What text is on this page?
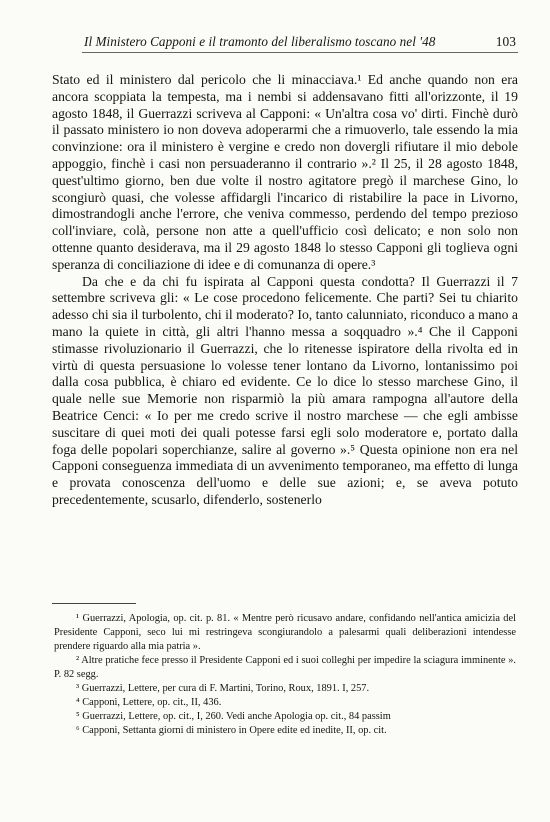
Il Ministero Capponi e il tramonto del liberalismo toscano nel '48	103

Stato ed il ministero dal pericolo che li minacciava.¹ Ed anche quando non era ancora scoppiata la tempesta, ma i nembi si addensavano fitti all'orizzonte, il 19 agosto 1848, il Guerrazzi scriveva al Capponi: « Un'altra cosa vo' dirti. Finchè durò il passato ministero io non doveva adoperarmi che a rimuoverlo, tale essendo la mia convinzione: ora il ministero è vergine e credo non dovergli rifiutare il mio debole appoggio, finchè i casi non persuaderanno il contrario ».² Il 25, il 28 agosto 1848, quest'ultimo giorno, ben due volte il nostro agitatore pregò il marchese Gino, lo scongiurò quasi, che volesse affidargli l'incarico di ristabilire la pace in Livorno, dimostrandogli anche l'errore, che veniva commesso, perdendo del tempo prezioso coll'inviare, colà, persone non atte a quell'ufficio così delicato; e non solo non ottenne quanto desiderava, ma il 29 agosto 1848 lo stesso Capponi gli toglieva ogni speranza di conciliazione di idee e di comunanza di opere.³

Da che e da chi fu ispirata al Capponi questa condotta? Il Guerrazzi il 7 settembre scriveva gli: « Le cose procedono felicemente. Che parti? Sei tu chiarito adesso chi sia il turbolento, chi il moderato? Io, tanto calunniato, riconduco a mano a mano la quiete in città, gli altri l'hanno messa a soqquadro ».⁴ Che il Capponi stimasse rivoluzionario il Guerrazzi, che lo ritenesse ispiratore della rivolta ed in virtù di questa persuasione lo volesse tener lontano da Livorno, lontanissimo poi dalla cosa pubblica, è chiaro ed evidente. Ce lo dice lo stesso marchese Gino, il quale nelle sue Memorie non risparmiò la più amara rampogna all'autore della Beatrice Cenci: « Io per me credo scrive il nostro marchese — che egli ambisse suscitare di quei moti dei quali potesse farsi egli solo moderatore e, portato dalla foga delle popolari soperchianze, salire al governo ».⁵ Questa opinione non era nel Capponi conseguenza immediata di un avvenimento temporaneo, ma effetto di lunga e provata conoscenza dell'uomo e delle sue azioni; e, se aveva potuto precedentemente, scusarlo, difenderlo, sostenerlo

¹ Guerrazzi, Apologia, op. cit. p. 81. « Mentre però ricusavo andare, confidando nell'antica amicizia del Presidente Capponi, seco lui mi restringeva scongiurandolo a palesarmi quali deliberazioni intendesse prendere riguardo alla mia patria ».

² Altre pratiche fece presso il Presidente Capponi ed i suoi colleghi per impedire la sciagura imminente ». P. 82 segg.

³ Guerrazzi, Lettere, per cura di F. Martini, Torino, Roux, 1891. I, 257.

⁴ Capponi, Lettere, op. cit., II, 436.

⁵ Guerrazzi, Lettere, op. cit., I, 260. Vedi anche Apologia op. cit., 84 passim

⁶ Capponi, Settanta giorni di ministero in Opere edite ed inedite, II, op. cit.
